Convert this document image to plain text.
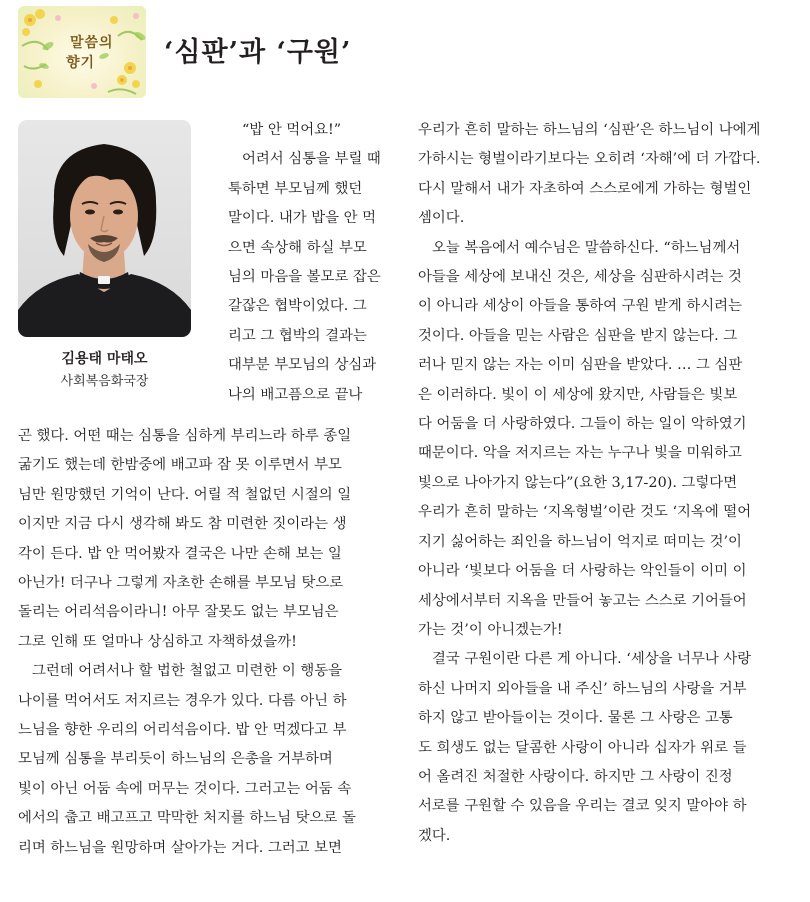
말씀의
향기	‘심판’과 ‘구원’
김용태 마태오
사회복음화국장
“밥 안 먹어요!”
어려서 심통을 부릴 때
툭하면 부모님께 했던
말이다. 내가 밥을 안 먹
으면 속상해 하실 부모
님의 마음을 볼모로 잡은
갈잖은 협박이었다. 그
리고 그 협박의 결과는
대부분 부모님의 상심과
나의 배고픔으로 끝나
곤 했다. 어떤 때는 심통을 심하게 부리느라 하루 종일
굶기도 했는데 한밤중에 배고파 잠 못 이루면서 부모
님만 원망했던 기억이 난다. 어릴 적 철없던 시절의 일
이지만 지금 다시 생각해 봐도 참 미련한 짓이라는 생
각이 든다. 밥 안 먹어봤자 결국은 나만 손해 보는 일
아닌가! 더구나 그렇게 자초한 손해를 부모님 탓으로
돌리는 어리석음이라니! 아무 잘못도 없는 부모님은
그로 인해 또 얼마나 상심하고 자책하셨을까!
그런데 어려서나 할 법한 철없고 미련한 이 행동을
나이를 먹어서도 저지르는 경우가 있다. 다름 아닌 하
느님을 향한 우리의 어리석음이다. 밥 안 먹겠다고 부
모님께 심통을 부리듯이 하느님의 은총을 거부하며
빛이 아닌 어둠 속에 머무는 것이다. 그러고는 어둠 속
에서의 춥고 배고프고 막막한 처지를 하느님 탓으로 돌
리며 하느님을 원망하며 살아가는 거다. 그러고 보면
우리가 흔히 말하는 하느님의 ‘심판’은 하느님이 나에게
가하시는 형벌이라기보다는 오히려 ‘자해’에 더 가깝다.
다시 말해서 내가 자초하여 스스로에게 가하는 형벌인
셈이다.
오늘 복음에서 예수님은 말씀하신다. “하느님께서
아들을 세상에 보내신 것은, 세상을 심판하시려는 것
이 아니라 세상이 아들을 통하여 구원 받게 하시려는
것이다. 아들을 믿는 사람은 심판을 받지 않는다. 그
러나 믿지 않는 자는 이미 심판을 받았다. … 그 심판
은 이러하다. 빛이 이 세상에 왔지만, 사람들은 빛보
다 어둠을 더 사랑하였다. 그들이 하는 일이 악하였기
때문이다. 악을 저지르는 자는 누구나 빛을 미워하고
빛으로 나아가지 않는다”(요한 3,17-20). 그렇다면
우리가 흔히 말하는 ‘지옥형벌’이란 것도 ‘지옥에 떨어
지기 싫어하는 죄인을 하느님이 억지로 떠미는 것’이
아니라 ‘빛보다 어둠을 더 사랑하는 악인들이 이미 이
세상에서부터 지옥을 만들어 놓고는 스스로 기어들어
가는 것’이 아니겠는가!
결국 구원이란 다른 게 아니다. ‘세상을 너무나 사랑
하신 나머지 외아들을 내 주신’ 하느님의 사랑을 거부
하지 않고 받아들이는 것이다. 물론 그 사랑은 고통
도 희생도 없는 달콤한 사랑이 아니라 십자가 위로 들
어 올려진 처절한 사랑이다. 하지만 그 사랑이 진정
서로를 구원할 수 있음을 우리는 결코 잊지 말아야 하
겠다.
